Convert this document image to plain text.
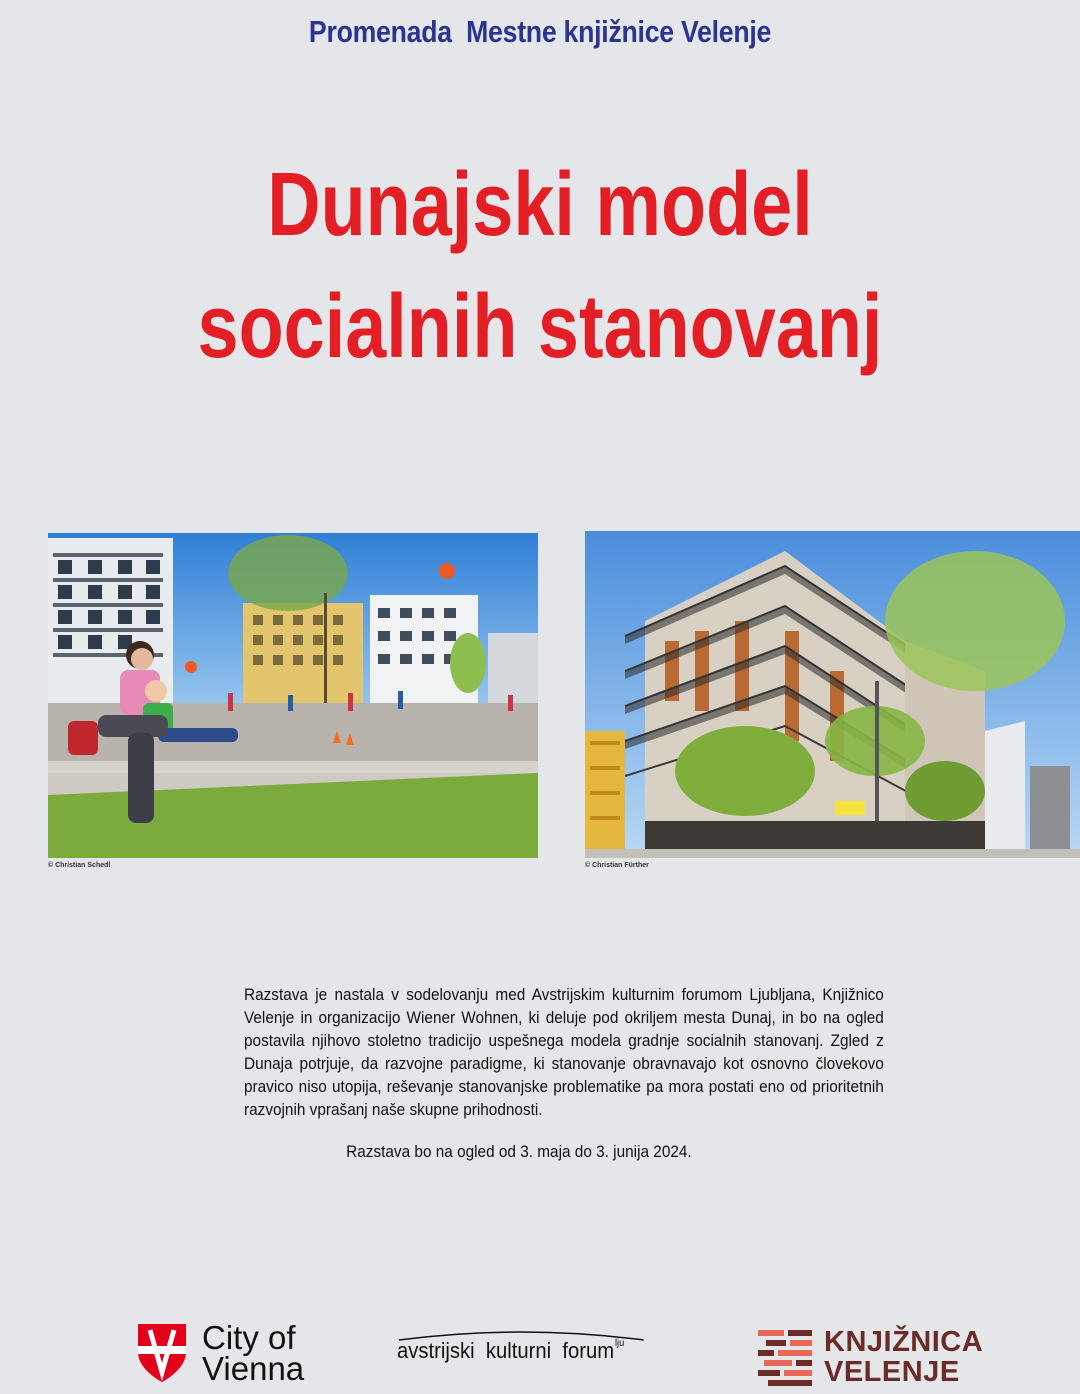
Promenada  Mestne knjižnice Velenje
Dunajski model
socialnih stanovanj
© Christian Schedl	© Christian Fürther
Razstava je nastala v sodelovanju med Avstrijskim kulturnim forumom Ljubljana, Knjižnico Velenje in organizacijo Wiener Wohnen, ki deluje pod okriljem mesta Dunaj, in bo na ogled postavila njihovo stoletno tradicijo uspešnega modela gradnje socialnih stanovanj. Zgled z Dunaja potrjuje, da razvojne paradigme, ki stanovanje obravnavajo kot osnovno človekovo pravico niso utopija, reševanje stanovanjske problematike pa mora postati eno od prioritetnih razvojnih vprašanj naše skupne prihodnosti.
Razstava bo na ogled od 3. maja do 3. junija 2024.
City of
Vienna	avstrijski  kulturni  forum$^{lju}$	KNJIŽNICA
VELENJE
